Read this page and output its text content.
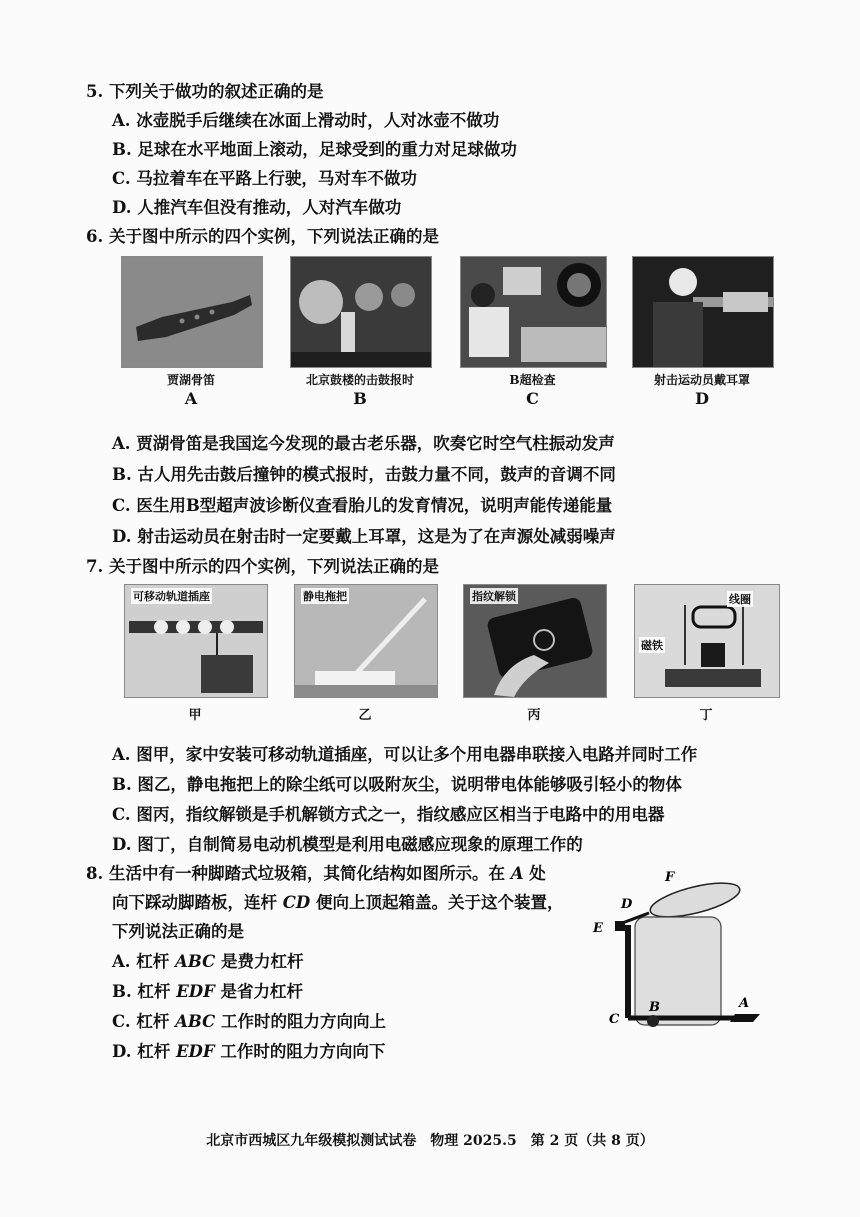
5. 下列关于做功的叙述正确的是
A. 冰壶脱手后继续在冰面上滑动时，人对冰壶不做功
B. 足球在水平地面上滚动，足球受到的重力对足球做功
C. 马拉着车在平路上行驶，马对车不做功
D. 人推汽车但没有推动，人对汽车做功
6. 关于图中所示的四个实例，下列说法正确的是
贾湖骨笛	北京鼓楼的击鼓报时	B超检查	射击运动员戴耳罩
A	B	C	D
A. 贾湖骨笛是我国迄今发现的最古老乐器，吹奏它时空气柱振动发声
B. 古人用先击鼓后撞钟的模式报时，击鼓力量不同，鼓声的音调不同
C. 医生用B型超声波诊断仪查看胎儿的发育情况，说明声能传递能量
D. 射击运动员在射击时一定要戴上耳罩，这是为了在声源处减弱噪声
7. 关于图中所示的四个实例，下列说法正确的是
可移动轨道插座	静电拖把	指纹解锁	线圈
磁铁
甲	乙	丙	丁
A. 图甲，家中安装可移动轨道插座，可以让多个用电器串联接入电路并同时工作
B. 图乙，静电拖把上的除尘纸可以吸附灰尘，说明带电体能够吸引轻小的物体
C. 图丙，指纹解锁是手机解锁方式之一，指纹感应区相当于电路中的用电器
D. 图丁，自制简易电动机模型是利用电磁感应现象的原理工作的
8. 生活中有一种脚踏式垃圾箱，其简化结构如图所示。在 A 处
向下踩动脚踏板，连杆 CD 便向上顶起箱盖。关于这个装置，
下列说法正确的是
A. 杠杆 ABC 是费力杠杆
B. 杠杆 EDF 是省力杠杆
C. 杠杆 ABC 工作时的阻力方向向上
D. 杠杆 EDF 工作时的阻力方向向下
F
D
E
B	A
C
北京市西城区九年级模拟测试试卷　物理 2025.5　第 2 页（共 8 页）
